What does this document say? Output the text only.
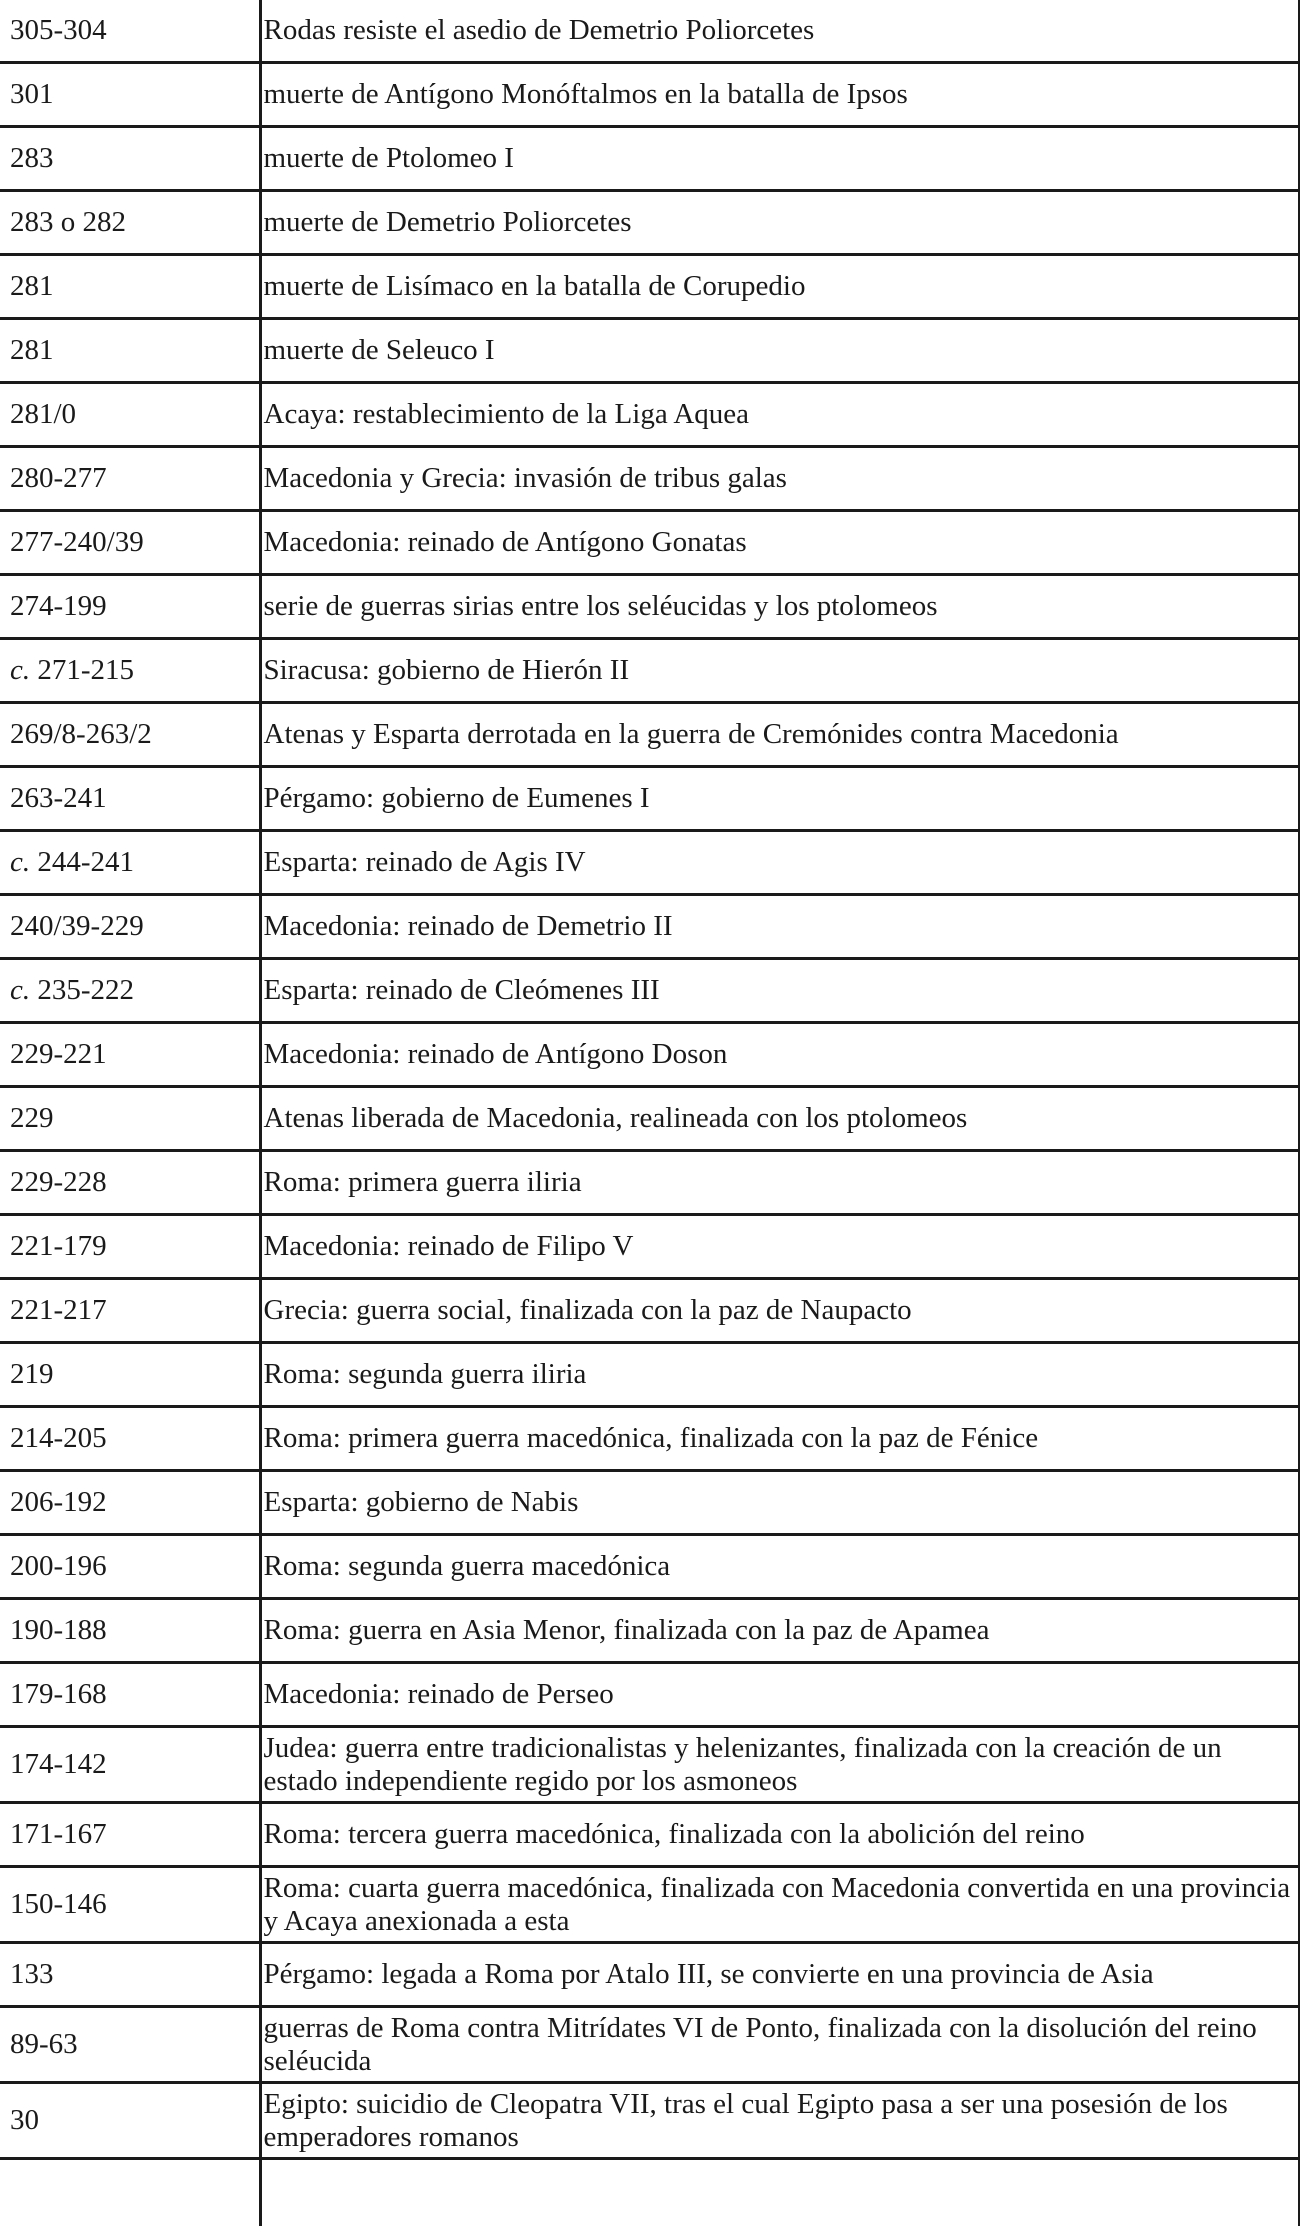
305-304	Rodas resiste el asedio de Demetrio Poliorcetes
301	muerte de Antígono Monóftalmos en la batalla de Ipsos
283	muerte de Ptolomeo I
283 o 282	muerte de Demetrio Poliorcetes
281	muerte de Lisímaco en la batalla de Corupedio
281	muerte de Seleuco I
281/0	Acaya: restablecimiento de la Liga Aquea
280-277	Macedonia y Grecia: invasión de tribus galas
277-240/39	Macedonia: reinado de Antígono Gonatas
274-199	serie de guerras sirias entre los seléucidas y los ptolomeos
c. 271-215	Siracusa: gobierno de Hierón II
269/8-263/2	Atenas y Esparta derrotada en la guerra de Cremónides contra Macedonia
263-241	Pérgamo: gobierno de Eumenes I
c. 244-241	Esparta: reinado de Agis IV
240/39-229	Macedonia: reinado de Demetrio II
c. 235-222	Esparta: reinado de Cleómenes III
229-221	Macedonia: reinado de Antígono Doson
229	Atenas liberada de Macedonia, realineada con los ptolomeos
229-228	Roma: primera guerra iliria
221-179	Macedonia: reinado de Filipo V
221-217	Grecia: guerra social, finalizada con la paz de Naupacto
219	Roma: segunda guerra iliria
214-205	Roma: primera guerra macedónica, finalizada con la paz de Fénice
206-192	Esparta: gobierno de Nabis
200-196	Roma: segunda guerra macedónica
190-188	Roma: guerra en Asia Menor, finalizada con la paz de Apamea
179-168	Macedonia: reinado de Perseo
174-142	Judea: guerra entre tradicionalistas y helenizantes, finalizada con la creación de un estado independiente regido por los asmoneos
171-167	Roma: tercera guerra macedónica, finalizada con la abolición del reino
150-146	Roma: cuarta guerra macedónica, finalizada con Macedonia convertida en una provincia y Acaya anexionada a esta
133	Pérgamo: legada a Roma por Atalo III, se convierte en una provincia de Asia
89-63	guerras de Roma contra Mitrídates VI de Ponto, finalizada con la disolución del reino seléucida
30	Egipto: suicidio de Cleopatra VII, tras el cual Egipto pasa a ser una posesión de los emperadores romanos
